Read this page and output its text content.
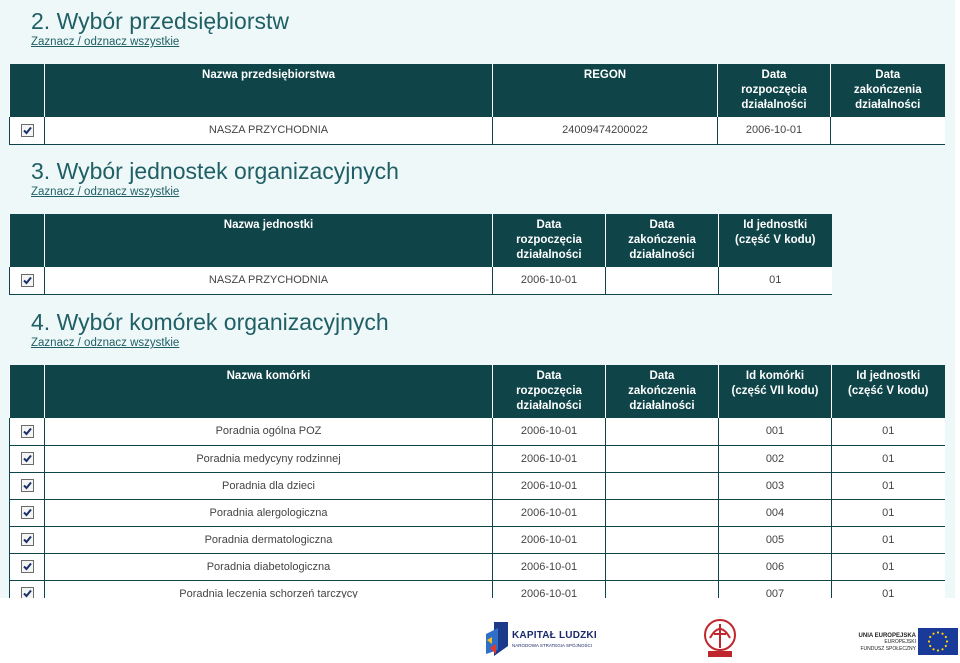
2. Wybór przedsiębiorstw
Zaznacz / odznacz wszystkie
	Nazwa przedsiębiorstwa	REGON	Data
rozpoczęcia
działalności	Data
zakończenia
działalności

	NASZA PRZYCHODNIA	24009474200022	2006-10-01	
3. Wybór jednostek organizacyjnych
Zaznacz / odznacz wszystkie
	Nazwa jednostki	Data
rozpoczęcia
działalności	Data
zakończenia
działalności	Id jednostki
(część V kodu)

	NASZA PRZYCHODNIA	2006-10-01		01
4. Wybór komórek organizacyjnych
Zaznacz / odznacz wszystkie
	Nazwa komórki	Data
rozpoczęcia
działalności	Data
zakończenia
działalności	Id komórki
(część VII kodu)	Id jednostki
(część V kodu)

	Poradnia ogólna POZ	2006-10-01		001	01

	Poradnia medycyny rodzinnej	2006-10-01		002	01

	Poradnia dla dzieci	2006-10-01		003	01

	Poradnia alergologiczna	2006-10-01		004	01

	Poradnia dermatologiczna	2006-10-01		005	01

	Poradnia diabetologiczna	2006-10-01		006	01

	Poradnia leczenia schorzeń tarczycy	2006-10-01		007	01
KAPITAŁ LUDZKI
NARODOWA STRATEGIA SPÓJNOŚCI
UNIA EUROPEJSKA
EUROPEJSKI
FUNDUSZ SPOŁECZNY
